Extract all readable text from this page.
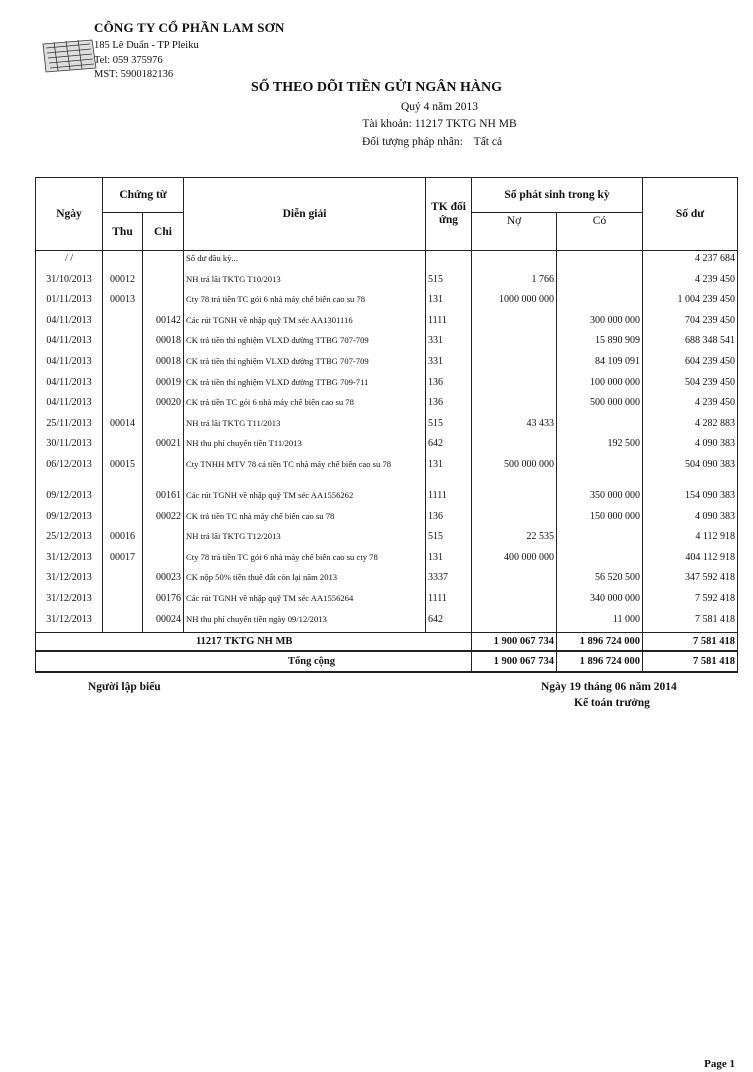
CÔNG TY CỔ PHẦN LAM SƠN
185 Lê Duẩn - TP Pleiku
Tel: 059 375976
MST: 5900182136
SỔ THEO DÕI TIỀN GỬI NGÂN HÀNG
Quý 4 năm 2013
Tài khoản: 11217 TKTG NH MB
Đối tượng pháp nhân: Tất cả
Ngày	Chứng từ		Diễn giải	TK đối ứng	Số phát sinh trong kỳ		Số dư
	Thu	Chi			Nợ	Có	
/ /			Số dư đầu kỳ...				4 237 684
31/10/2013	00012		NH trả lãi TKTG T10/2013	515	1 766		4 239 450
01/11/2013	00013		Cty 78 trả tiền TC gói 6 nhà máy chế biến cao su 78	131	1000 000 000		1 004 239 450
04/11/2013		00142	Các rút TGNH về nhập quỹ TM séc AA1301116	1111		300 000 000	704 239 450
04/11/2013		00018	CK trả tiền thí nghiệm VLXD đường TTBG 707-709	331		15 890 909	688 348 541
04/11/2013		00018	CK trả tiền thí nghiệm VLXD đường TTBG 707-709	331		84 109 091	604 239 450
04/11/2013		00019	CK trả tiền thí nghiệm VLXD đường TTBG 709-711	136		100 000 000	504 239 450
04/11/2013		00020	CK trả tiền TC gói 6 nhà máy chế biến cao su 78	136		500 000 000	4 239 450
25/11/2013	00014		NH trả lãi TKTG T11/2013	515	43 433		4 282 883
30/11/2013		00021	NH thu phí chuyển tiền T11/2013	642		192 500	4 090 383
06/12/2013	00015		Cty TNHH MTV 78 cả tiền TC nhà máy chế biến cao su 78	131	500 000 000		504 090 383
09/12/2013		00161	Các rút TGNH về nhập quỹ TM séc AA1556262	1111		350 000 000	154 090 383
09/12/2013		00022	CK trả tiền TC nhà máy chế biến cao su 78	136		150 000 000	4 090 383
25/12/2013	00016		NH trả lãi TKTG T12/2013	515	22 535		4 112 918
31/12/2013	00017		Cty 78 trả tiền TC gói 6 nhà máy chế biến cao su cty 78	131	400 000 000		404 112 918
31/12/2013		00023	CK nộp 50% tiền thuê đất còn lại năm 2013	3337		56 520 500	347 592 418
31/12/2013		00176	Các rút TGNH về nhập quỹ TM séc AA1556264	1111		340 000 000	7 592 418
31/12/2013		00024	NH thu phí chuyển tiền ngày 09/12/2013	642		11 000	7 581 418
11217 TKTG NH MB					1 900 067 734	1 896 724 000	7 581 418
Tổng cộng					1 900 067 734	1 896 724 000	7 581 418
Người lập biểu	Ngày 19 tháng 06 năm 2014
Kế toán trưởng
Page 1
